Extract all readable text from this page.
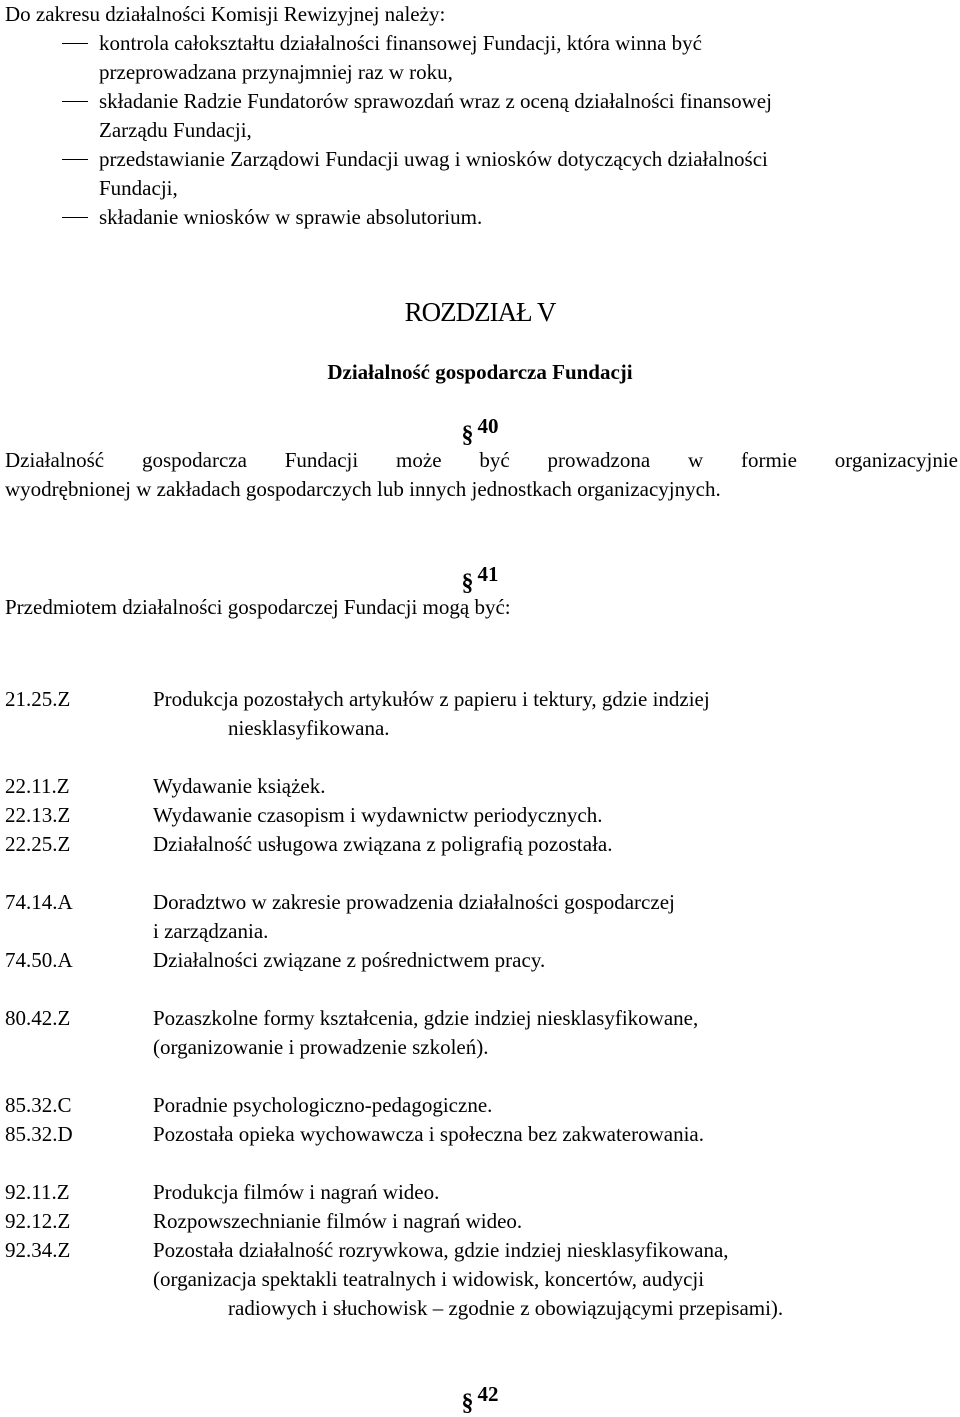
Do zakresu działalności Komisji Rewizyjnej należy:
kontrola całokształtu działalności finansowej Fundacji, która winna być
przeprowadzana przynajmniej raz w roku,
składanie Radzie Fundatorów sprawozdań wraz z oceną działalności finansowej
Zarządu Fundacji,
przedstawianie Zarządowi Fundacji uwag i wniosków dotyczących działalności
Fundacji,
składanie wniosków w sprawie absolutorium.
ROZDZIAŁ V
Działalność gospodarcza Fundacji
§ 40
Działalność gospodarcza Fundacji może być prowadzona w formie organizacyjnie
wyodrębnionej w zakładach gospodarczych lub innych jednostkach organizacyjnych.
§ 41
Przedmiotem działalności gospodarczej Fundacji mogą być:
21.25.Z	Produkcja pozostałych artykułów z papieru i tektury, gdzie indziej
niesklasyfikowana.
22.11.Z	Wydawanie książek.
22.13.Z	Wydawanie czasopism i wydawnictw periodycznych.
22.25.Z	Działalność usługowa związana z poligrafią pozostała.
74.14.A	Doradztwo w zakresie prowadzenia działalności gospodarczej
i zarządzania.
74.50.A	Działalności związane z pośrednictwem pracy.
80.42.Z	Pozaszkolne formy kształcenia, gdzie indziej niesklasyfikowane,
(organizowanie i prowadzenie szkoleń).
85.32.C	Poradnie psychologiczno-pedagogiczne.
85.32.D	Pozostała opieka wychowawcza i społeczna bez zakwaterowania.
92.11.Z	Produkcja filmów i nagrań wideo.
92.12.Z	Rozpowszechnianie filmów i nagrań wideo.
92.34.Z	Pozostała działalność rozrywkowa, gdzie indziej niesklasyfikowana,
(organizacja spektakli teatralnych i widowisk, koncertów, audycji
radiowych i słuchowisk – zgodnie z obowiązującymi przepisami).
§ 42
